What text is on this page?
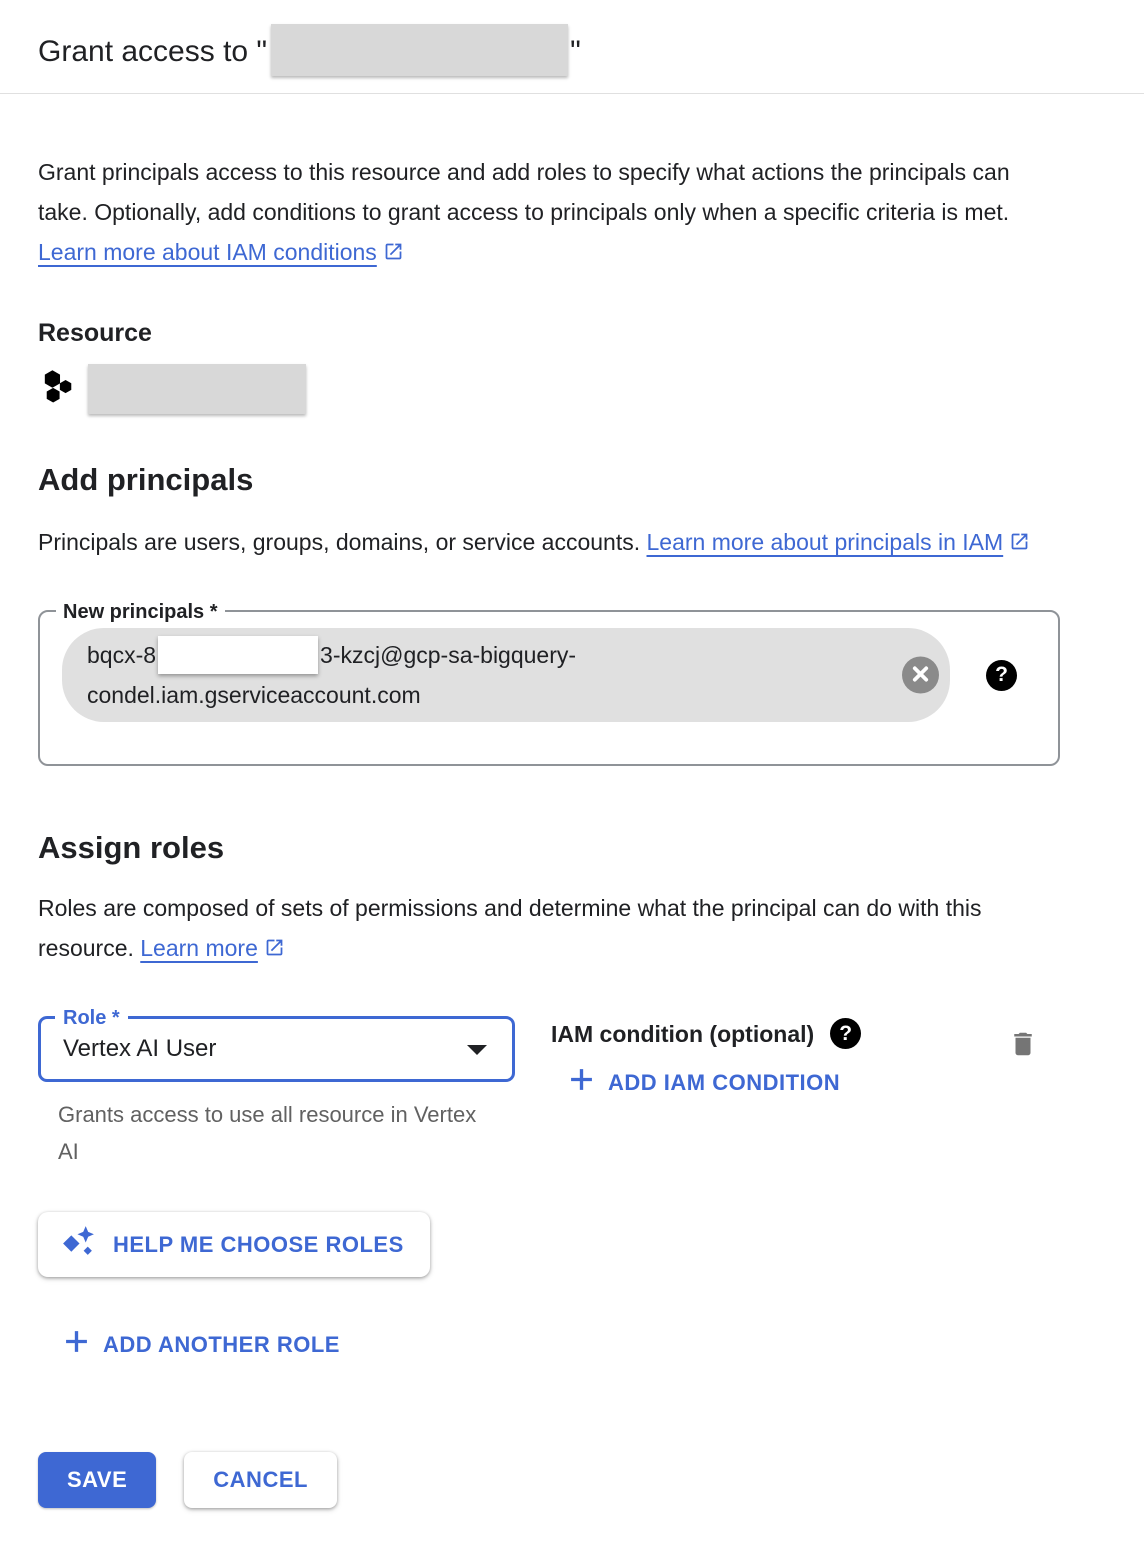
Grant access to "	"

Grant principals access to this resource and add roles to specify what actions the principals can take. Optionally, add conditions to grant access to principals only when a specific criteria is met. Learn more about IAM conditions

Resource
Add principals

Principals are users, groups, domains, or service accounts. Learn more about principals in IAM

New principals *
bqcx-8	3-kzcj@gcp-sa-bigquery-
condel.iam.gserviceaccount.com
?
Assign roles

Roles are composed of sets of permissions and determine what the principal can do with this resource. Learn more

Role *
Vertex AI User
Grants access to use all resource in Vertex AI
IAM condition (optional)	?
ADD IAM CONDITION
HELP ME CHOOSE ROLES
ADD ANOTHER ROLE
SAVE	CANCEL
